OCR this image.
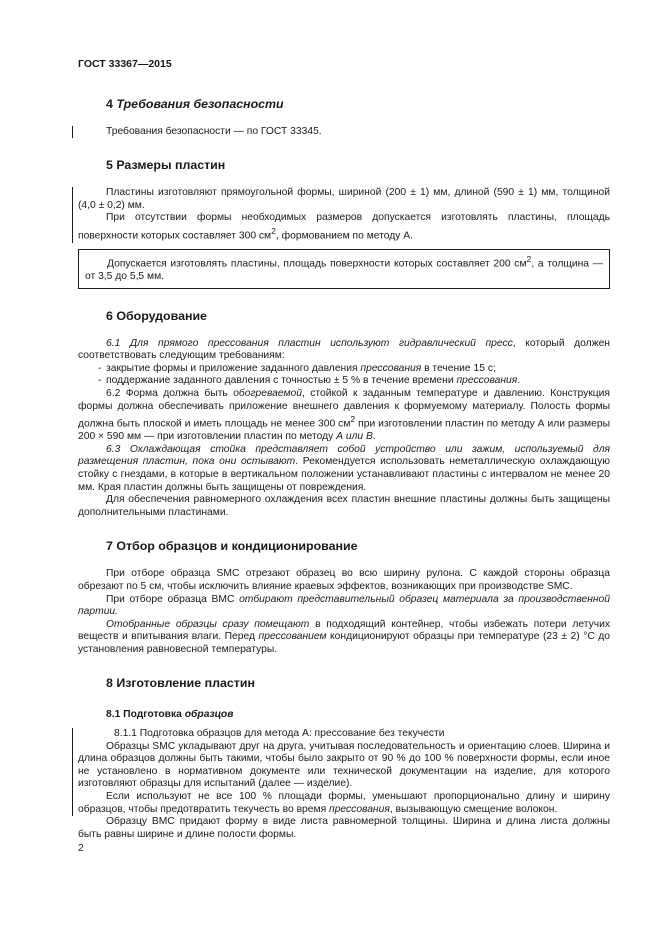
ГОСТ 33367—2015
4 Требования безопасности

Требования безопасности — по ГОСТ 33345.

5 Размеры пластин

Пластины изготовляют прямоугольной формы, шириной (200 ± 1) мм, длиной (590 ± 1) мм, толщиной (4,0 ± 0,2) мм.

При отсутствии формы необходимых размеров допускается изготовлять пластины, площадь поверхности которых составляет 300 $см^2$, формованием по методу А.

Допускается изготовлять пластины, площадь поверхности которых составляет 200 $см^2$, а толщина — от 3,5 до 5,5 мм.

6 Оборудование

6.1 Для прямого прессования пластин используют гидравлический пресс, который должен соответствовать следующим требованиям:

- закрытие формы и приложение заданного давления прессования в течение 15 с;
- поддержание заданного давления с точностью ± 5 % в течение времени прессования.

6.2 Форма должна быть обогреваемой, стойкой к заданным температуре и давлению. Конструкция формы должна обеспечивать приложение внешнего давления к формуемому материалу. Полость формы должна быть плоской и иметь площадь не менее 300 $см^2$ при изготовлении пластин по методу А или размеры 200 × 590 мм — при изготовлении пластин по методу А или В.

6.3 Охлаждающая стойка представляет собой устройство или зажим, используемый для размещения пластин, пока они остывают. Рекомендуется использовать неметаллическую охлаждающую стойку с гнездами, в которые в вертикальном положении устанавливают пластины с интервалом не менее 20 мм. Края пластин должны быть защищены от повреждения.

Для обеспечения равномерного охлаждения всех пластин внешние пластины должны быть защищены дополнительными пластинами.

7 Отбор образцов и кондиционирование

При отборе образца SMC отрезают образец во всю ширину рулона. С каждой стороны образца обрезают по 5 см, чтобы исключить влияние краевых эффектов, возникающих при производстве SMC.

При отборе образца ВМС отбирают представительный образец материала за производственной партии.

Отобранные образцы сразу помещают в подходящий контейнер, чтобы избежать потери летучих веществ и впитывания влаги. Перед прессованием кондиционируют образцы при температуре (23 ± 2) °С до установления равновесной температуры.

8 Изготовление пластин
8.1 Подготовка образцов

8.1.1 Подготовка образцов для метода А: прессование без текучести

Образцы SMC укладывают друг на друга, учитывая последовательность и ориентацию слоев. Ширина и длина образцов должны быть такими, чтобы было закрыто от 90 % до 100 % поверхности формы, если иное не установлено в нормативном документе или технической документации на изделие, для которого изготовляют образцы для испытаний (далее — изделие).

Если используют не все 100 % площади формы, уменьшают пропорционально длину и ширину образцов, чтобы предотвратить текучесть во время прессования, вызывающую смещение волокон.

Образцу ВМС придают форму в виде листа равномерной толщины. Ширина и длина листа должны быть равны ширине и длине полости формы.

2
